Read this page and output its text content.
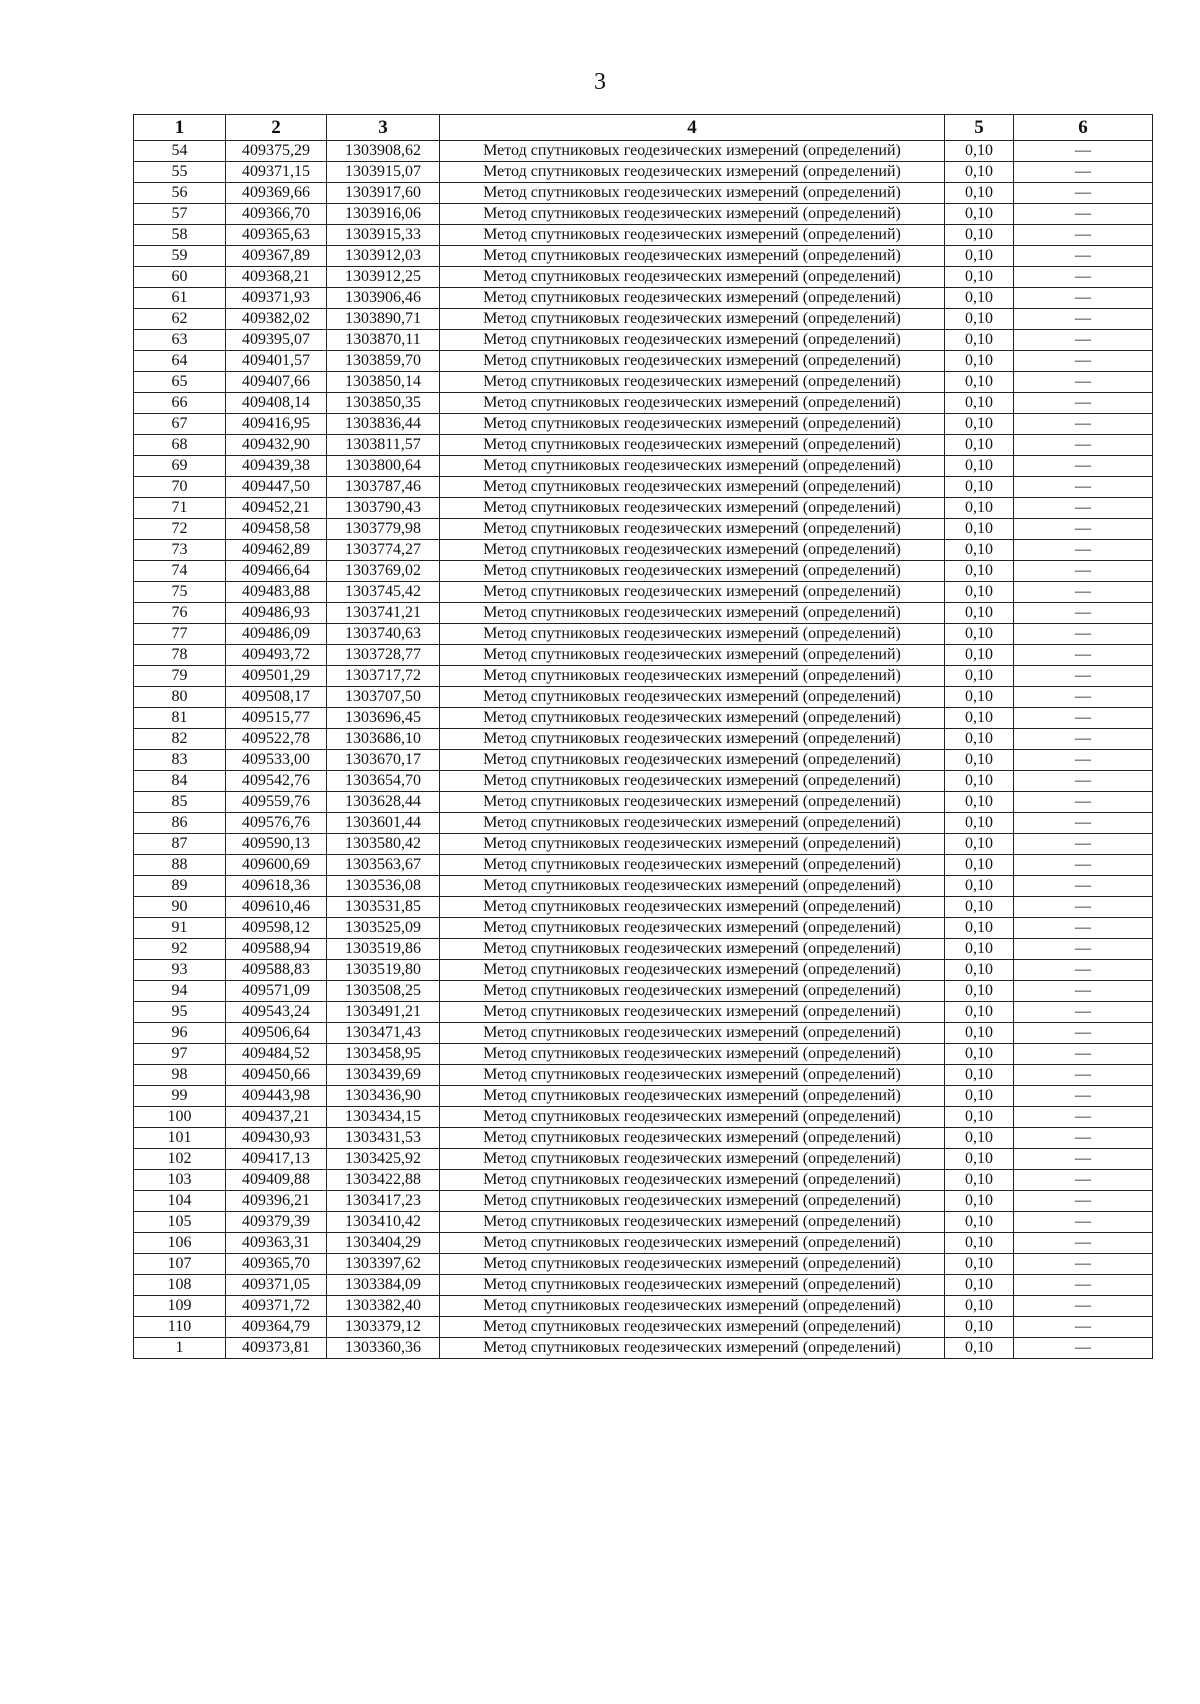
3
1	2	3	4	5	6
54	409375,29	1303908,62	Метод спутниковых геодезических измерений (определений)	0,10	—
55	409371,15	1303915,07	Метод спутниковых геодезических измерений (определений)	0,10	—
56	409369,66	1303917,60	Метод спутниковых геодезических измерений (определений)	0,10	—
57	409366,70	1303916,06	Метод спутниковых геодезических измерений (определений)	0,10	—
58	409365,63	1303915,33	Метод спутниковых геодезических измерений (определений)	0,10	—
59	409367,89	1303912,03	Метод спутниковых геодезических измерений (определений)	0,10	—
60	409368,21	1303912,25	Метод спутниковых геодезических измерений (определений)	0,10	—
61	409371,93	1303906,46	Метод спутниковых геодезических измерений (определений)	0,10	—
62	409382,02	1303890,71	Метод спутниковых геодезических измерений (определений)	0,10	—
63	409395,07	1303870,11	Метод спутниковых геодезических измерений (определений)	0,10	—
64	409401,57	1303859,70	Метод спутниковых геодезических измерений (определений)	0,10	—
65	409407,66	1303850,14	Метод спутниковых геодезических измерений (определений)	0,10	—
66	409408,14	1303850,35	Метод спутниковых геодезических измерений (определений)	0,10	—
67	409416,95	1303836,44	Метод спутниковых геодезических измерений (определений)	0,10	—
68	409432,90	1303811,57	Метод спутниковых геодезических измерений (определений)	0,10	—
69	409439,38	1303800,64	Метод спутниковых геодезических измерений (определений)	0,10	—
70	409447,50	1303787,46	Метод спутниковых геодезических измерений (определений)	0,10	—
71	409452,21	1303790,43	Метод спутниковых геодезических измерений (определений)	0,10	—
72	409458,58	1303779,98	Метод спутниковых геодезических измерений (определений)	0,10	—
73	409462,89	1303774,27	Метод спутниковых геодезических измерений (определений)	0,10	—
74	409466,64	1303769,02	Метод спутниковых геодезических измерений (определений)	0,10	—
75	409483,88	1303745,42	Метод спутниковых геодезических измерений (определений)	0,10	—
76	409486,93	1303741,21	Метод спутниковых геодезических измерений (определений)	0,10	—
77	409486,09	1303740,63	Метод спутниковых геодезических измерений (определений)	0,10	—
78	409493,72	1303728,77	Метод спутниковых геодезических измерений (определений)	0,10	—
79	409501,29	1303717,72	Метод спутниковых геодезических измерений (определений)	0,10	—
80	409508,17	1303707,50	Метод спутниковых геодезических измерений (определений)	0,10	—
81	409515,77	1303696,45	Метод спутниковых геодезических измерений (определений)	0,10	—
82	409522,78	1303686,10	Метод спутниковых геодезических измерений (определений)	0,10	—
83	409533,00	1303670,17	Метод спутниковых геодезических измерений (определений)	0,10	—
84	409542,76	1303654,70	Метод спутниковых геодезических измерений (определений)	0,10	—
85	409559,76	1303628,44	Метод спутниковых геодезических измерений (определений)	0,10	—
86	409576,76	1303601,44	Метод спутниковых геодезических измерений (определений)	0,10	—
87	409590,13	1303580,42	Метод спутниковых геодезических измерений (определений)	0,10	—
88	409600,69	1303563,67	Метод спутниковых геодезических измерений (определений)	0,10	—
89	409618,36	1303536,08	Метод спутниковых геодезических измерений (определений)	0,10	—
90	409610,46	1303531,85	Метод спутниковых геодезических измерений (определений)	0,10	—
91	409598,12	1303525,09	Метод спутниковых геодезических измерений (определений)	0,10	—
92	409588,94	1303519,86	Метод спутниковых геодезических измерений (определений)	0,10	—
93	409588,83	1303519,80	Метод спутниковых геодезических измерений (определений)	0,10	—
94	409571,09	1303508,25	Метод спутниковых геодезических измерений (определений)	0,10	—
95	409543,24	1303491,21	Метод спутниковых геодезических измерений (определений)	0,10	—
96	409506,64	1303471,43	Метод спутниковых геодезических измерений (определений)	0,10	—
97	409484,52	1303458,95	Метод спутниковых геодезических измерений (определений)	0,10	—
98	409450,66	1303439,69	Метод спутниковых геодезических измерений (определений)	0,10	—
99	409443,98	1303436,90	Метод спутниковых геодезических измерений (определений)	0,10	—
100	409437,21	1303434,15	Метод спутниковых геодезических измерений (определений)	0,10	—
101	409430,93	1303431,53	Метод спутниковых геодезических измерений (определений)	0,10	—
102	409417,13	1303425,92	Метод спутниковых геодезических измерений (определений)	0,10	—
103	409409,88	1303422,88	Метод спутниковых геодезических измерений (определений)	0,10	—
104	409396,21	1303417,23	Метод спутниковых геодезических измерений (определений)	0,10	—
105	409379,39	1303410,42	Метод спутниковых геодезических измерений (определений)	0,10	—
106	409363,31	1303404,29	Метод спутниковых геодезических измерений (определений)	0,10	—
107	409365,70	1303397,62	Метод спутниковых геодезических измерений (определений)	0,10	—
108	409371,05	1303384,09	Метод спутниковых геодезических измерений (определений)	0,10	—
109	409371,72	1303382,40	Метод спутниковых геодезических измерений (определений)	0,10	—
110	409364,79	1303379,12	Метод спутниковых геодезических измерений (определений)	0,10	—
1	409373,81	1303360,36	Метод спутниковых геодезических измерений (определений)	0,10	—
